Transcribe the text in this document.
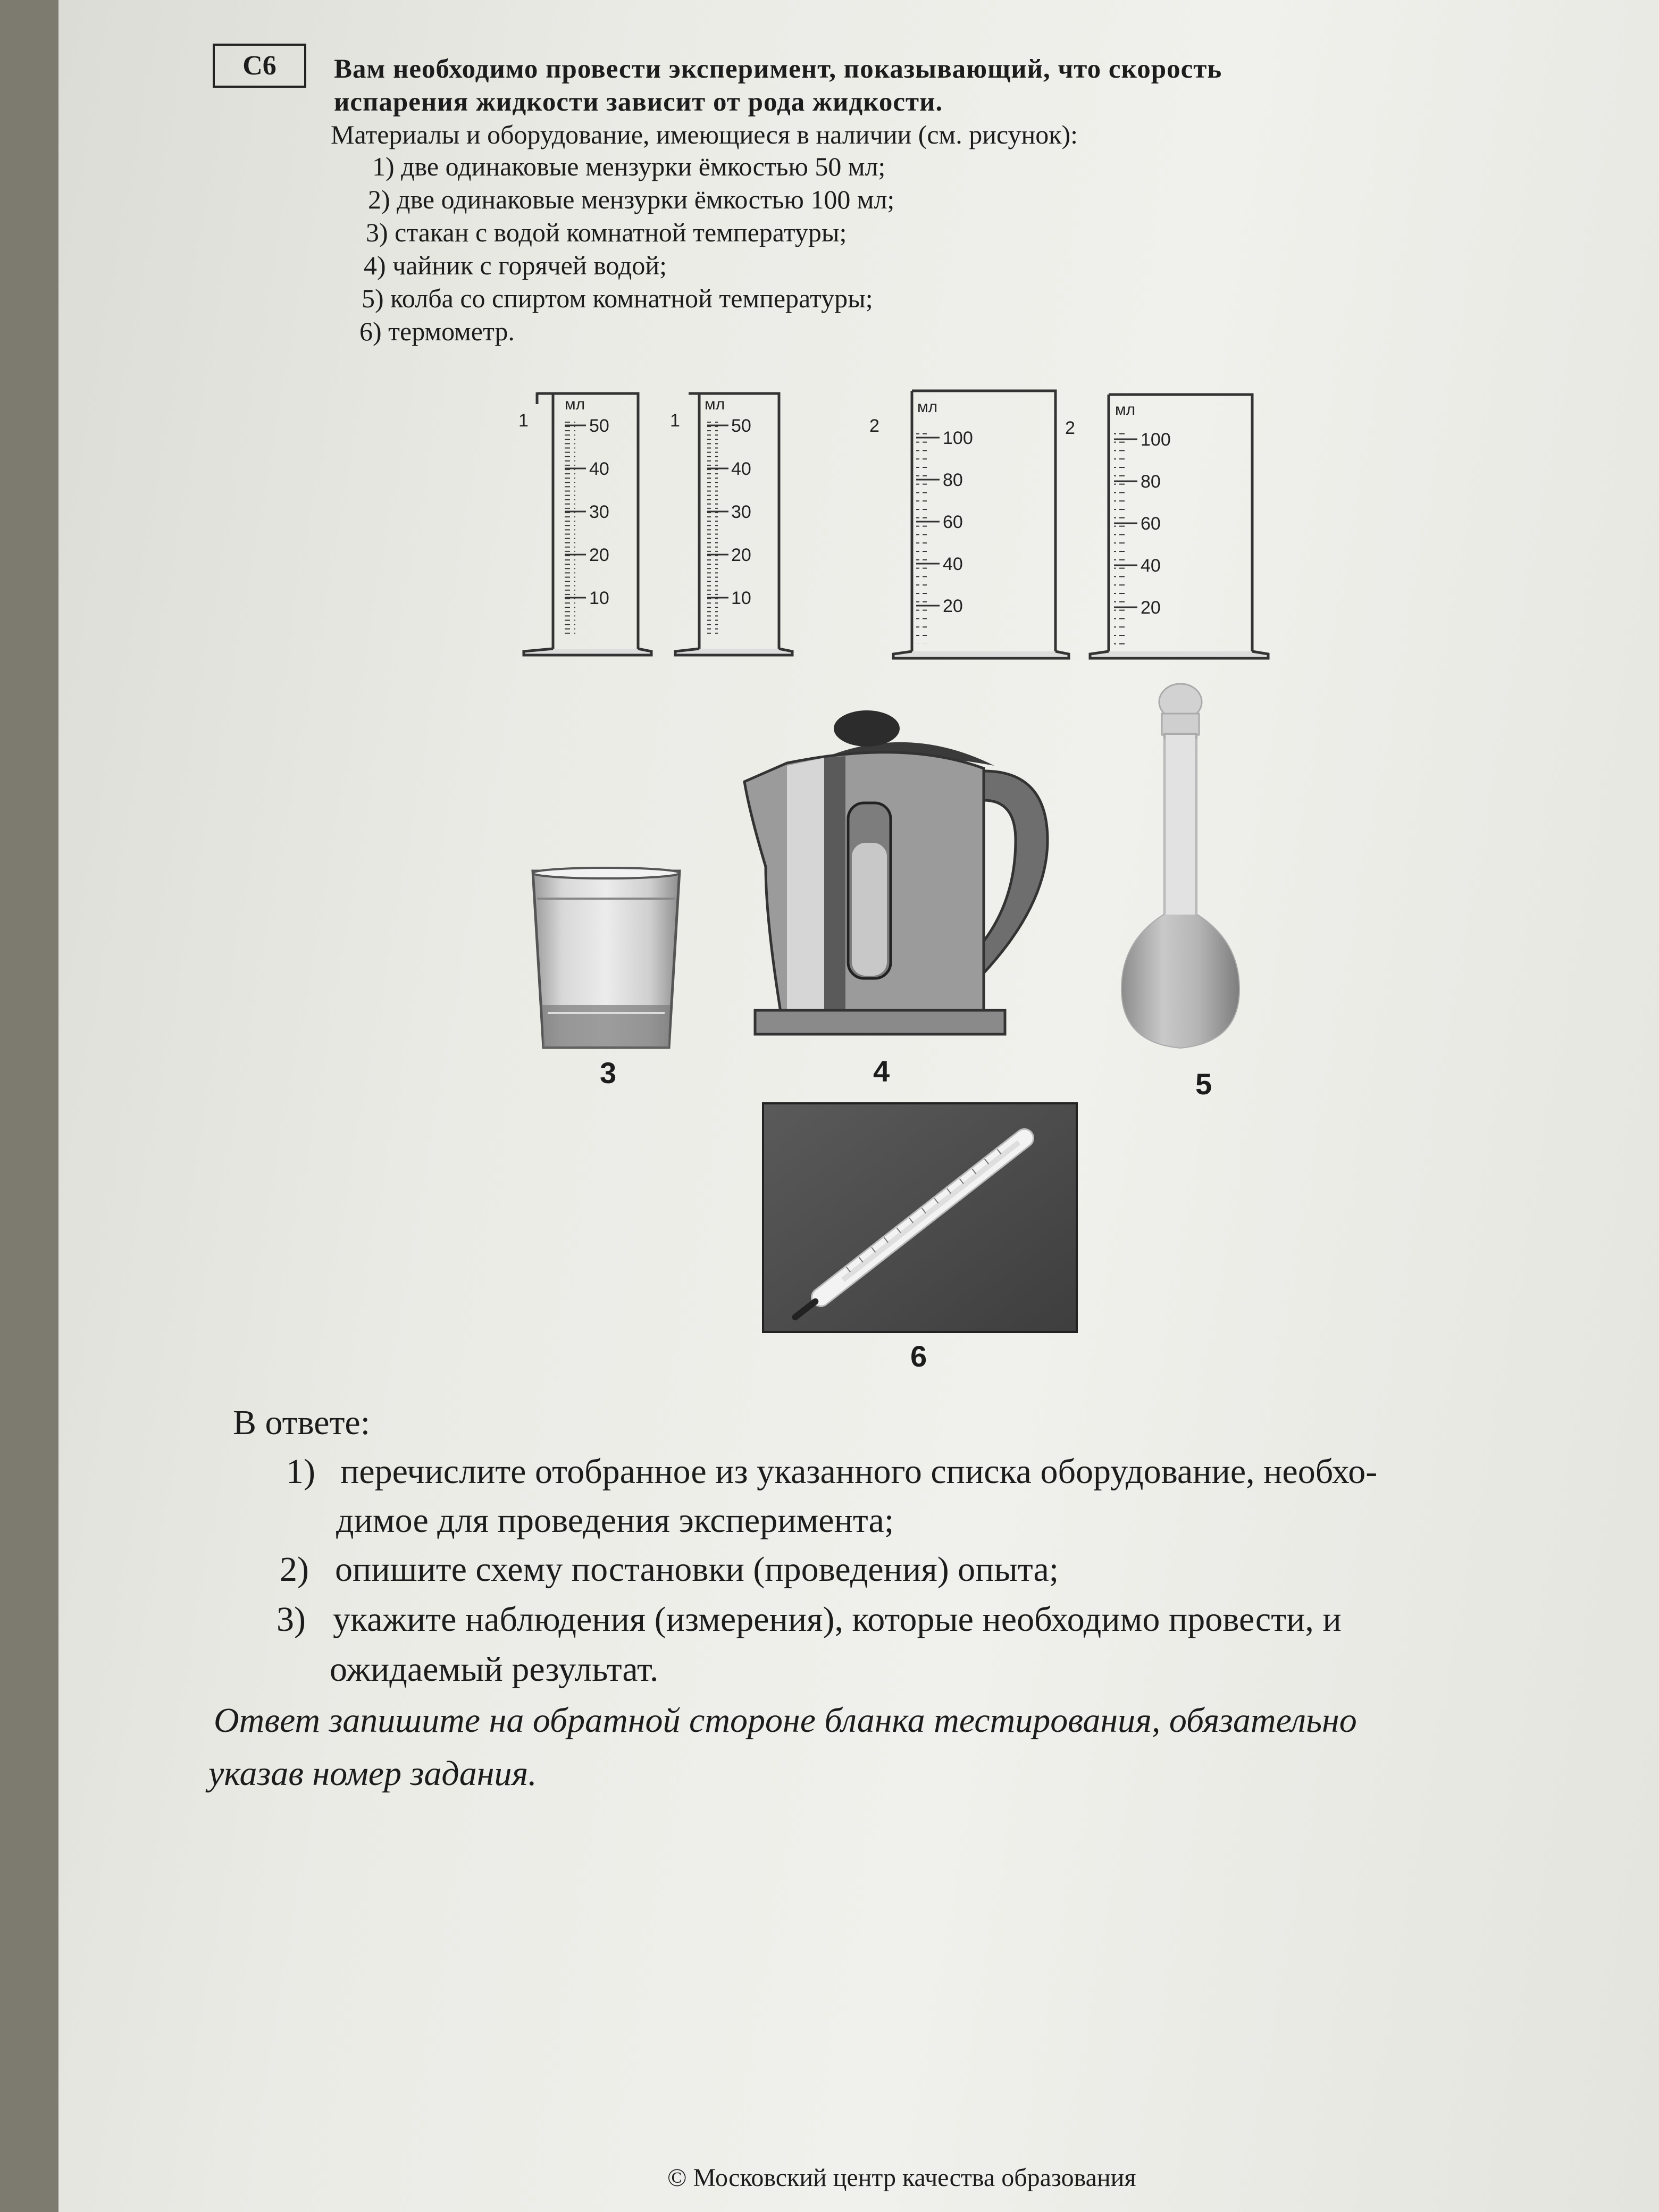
С6 Вам необходимо провести эксперимент, показывающий, что скорость
испарения жидкости зависит от рода жидкости.
Материалы и оборудование, имеющиеся в наличии (см. рисунок):
1) две одинаковые мензурки ёмкостью 50 мл;
2) две одинаковые мензурки ёмкостью 100 мл;
3) стакан с водой комнатной температуры;
4) чайник с горячей водой;
5) колба со спиртом комнатной температуры;
6) термометр.
1
мл
50
40
30
20
10
1
мл
50
40
30
20
10
2
мл
100
80
60
40
20
2
мл
100
80
60
40
20
3	4	5
6
В ответе:
1) перечислите отобранное из указанного списка оборудование, необхо-
димое для проведения эксперимента;
2) опишите схему постановки (проведения) опыта;
3) укажите наблюдения (измерения), которые необходимо провести, и
ожидаемый результат.
Ответ запишите на обратной стороне бланка тестирования, обязательно
указав номер задания.
© Московский центр качества образования
